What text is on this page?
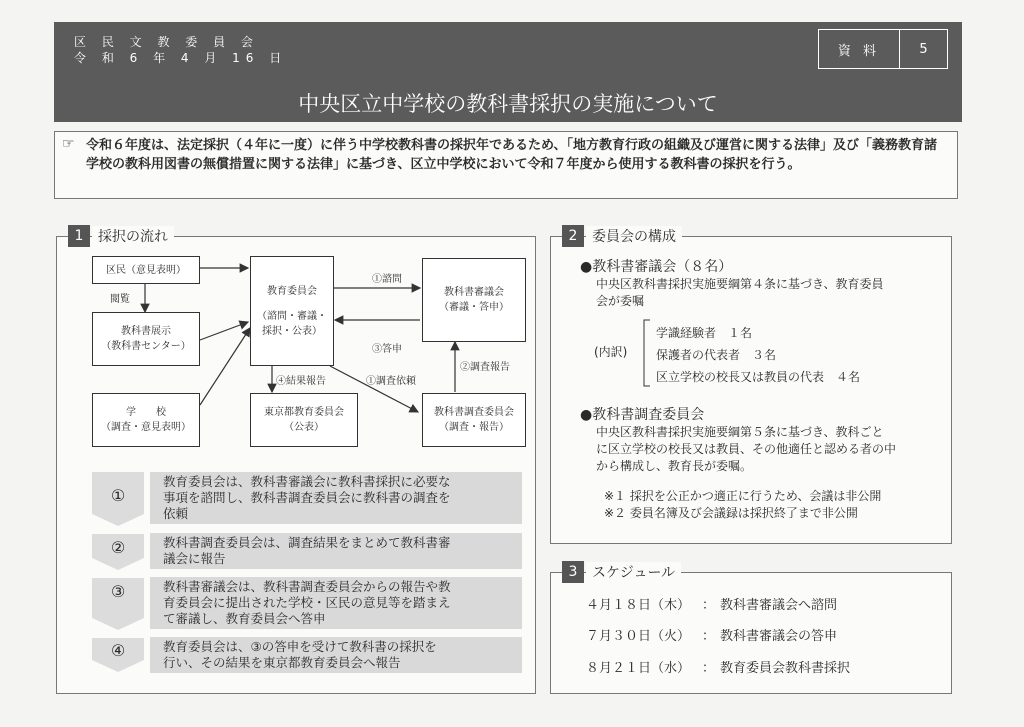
区 民 文 教 委 員 会
令 和 6 年 4 月 16 日	資 料	5
中央区立中学校の教科書採択の実施について
☞ 令和６年度は、法定採択（４年に一度）に伴う中学校教科書の採択年であるため、「地方教育行政の組織及び運営に関する法律」及び「義務教育諸学校の教科用図書の無償措置に関する法律」に基づき、区立中学校において令和７年度から使用する教科書の採択を行う。
1	採択の流れ
区民（意見表明）
閲覧
教科書展示
（教科書センター）
学　　校
（調査・意見表明）
教育委員会
（諮問・審議・
採択・公表）
教科書審議会
（審議・答申）
東京都教育委員会
（公表）
教科書調査委員会
（調査・報告）
①諮問
③答申
④結果報告	①調査依頼
②調査報告
①
②
③
④
教育委員会は、教科書審議会に教科書採択に必要な
事項を諮問し、教科書調査委員会に教科書の調査を
依頼
教科書調査委員会は、調査結果をまとめて教科書審
議会に報告
教科書審議会は、教科書調査委員会からの報告や教
育委員会に提出された学校・区民の意見等を踏まえ
て審議し、教育委員会へ答申
教育委員会は、③の答申を受けて教科書の採択を
行い、その結果を東京都教育委員会へ報告
2	委員会の構成
●教科書審議会（８名）
中央区教科書採択実施要綱第４条に基づき、教育委員
会が委嘱
(内訳)
学識経験者　１名
保護者の代表者　３名
区立学校の校長又は教員の代表　４名
●教科書調査委員会
中央区教科書採択実施要綱第５条に基づき、教科ごと
に区立学校の校長又は教員、その他適任と認める者の中
から構成し、教育長が委嘱。
※１ 採択を公正かつ適正に行うため、会議は非公開
※２ 委員名簿及び会議録は採択終了まで非公開
3	スケジュール
４月１８日（木） ： 教科書審議会へ諮問
７月３０日（火） ： 教科書審議会の答申
８月２１日（水） ： 教育委員会教科書採択
